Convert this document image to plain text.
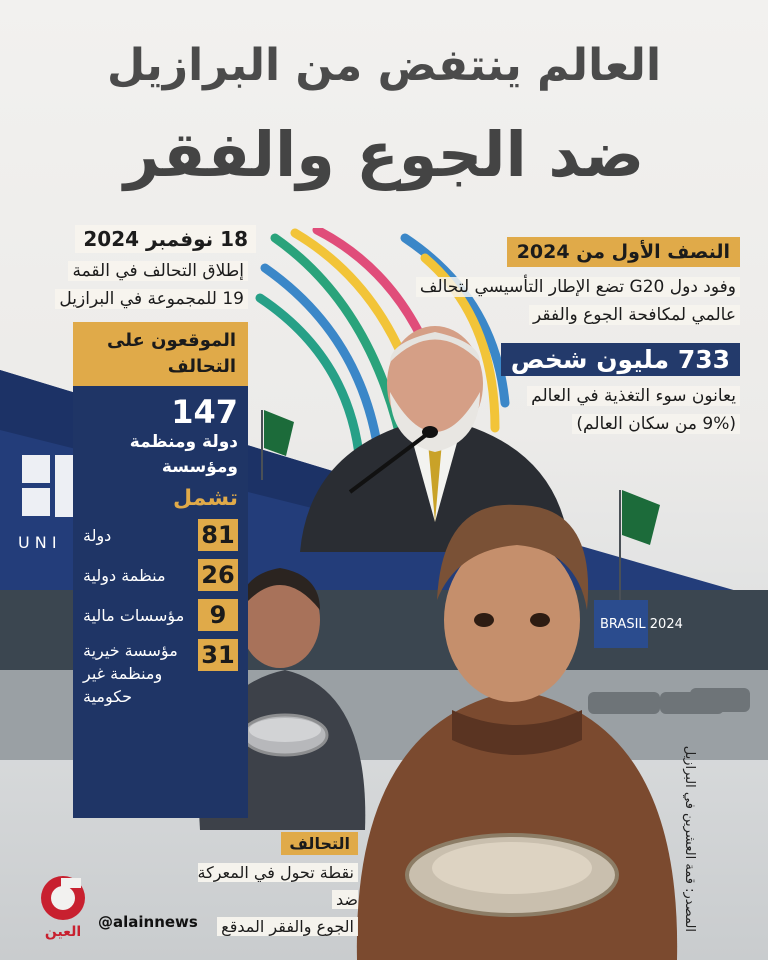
U N I
BRASIL 2024
العالم ينتفض من البرازيل
ضد الجوع والفقر
18 نوفمبر 2024
إطلاق التحالف في القمة
19 للمجموعة في البرازيل
النصف الأول من 2024
وفود دول G20 تضع الإطار التأسيسي لتحالف
عالمي لمكافحة الجوع والفقر
733 مليون شخص
يعانون سوء التغذية في العالم
(9% من سكان العالم)
الموقعون على
التحالف
147
دولة ومنظمة
ومؤسسة
تشمل
81
دولة
26
منظمة دولية
9
مؤسسات مالية
31
مؤسسة خيرية ومنظمة غير حكومية
التحالف
نقطة تحول في المعركة ضد
الجوع والفقر المدقع	المصدر: قمة العشرين في البرازيل
العين
@alainnews
